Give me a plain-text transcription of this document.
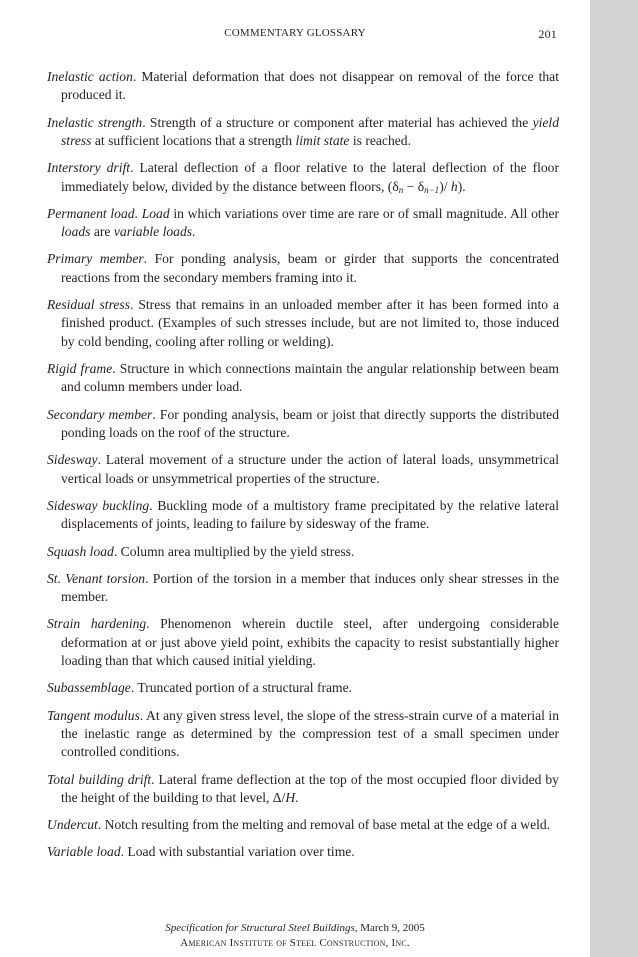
COMMENTARY GLOSSARY	201

Inelastic action. Material deformation that does not disappear on removal of the force that produced it.

Inelastic strength. Strength of a structure or component after material has achieved the yield stress at sufficient locations that a strength limit state is reached.

Interstory drift. Lateral deflection of a floor relative to the lateral deflection of the floor immediately below, divided by the distance between floors, $(\delta_n - \delta_{n-1})/$ h).

Permanent load. Load in which variations over time are rare or of small magnitude. All other loads are variable loads.

Primary member. For ponding analysis, beam or girder that supports the concentrated reactions from the secondary members framing into it.

Residual stress. Stress that remains in an unloaded member after it has been formed into a finished product. (Examples of such stresses include, but are not limited to, those induced by cold bending, cooling after rolling or welding).

Rigid frame. Structure in which connections maintain the angular relationship between beam and column members under load.

Secondary member. For ponding analysis, beam or joist that directly supports the distributed ponding loads on the roof of the structure.

Sidesway. Lateral movement of a structure under the action of lateral loads, unsymmetrical vertical loads or unsymmetrical properties of the structure.

Sidesway buckling. Buckling mode of a multistory frame precipitated by the relative lateral displacements of joints, leading to failure by sidesway of the frame.

Squash load. Column area multiplied by the yield stress.

St. Venant torsion. Portion of the torsion in a member that induces only shear stresses in the member.

Strain hardening. Phenomenon wherein ductile steel, after undergoing considerable deformation at or just above yield point, exhibits the capacity to resist substantially higher loading than that which caused initial yielding.

Subassemblage. Truncated portion of a structural frame.

Tangent modulus. At any given stress level, the slope of the stress-strain curve of a material in the inelastic range as determined by the compression test of a small specimen under controlled conditions.

Total building drift. Lateral frame deflection at the top of the most occupied floor divided by the height of the building to that level, Δ/H.

Undercut. Notch resulting from the melting and removal of base metal at the edge of a weld.

Variable load. Load with substantial variation over time.

Specification for Structural Steel Buildings, March 9, 2005
American Institute of Steel Construction, Inc.
